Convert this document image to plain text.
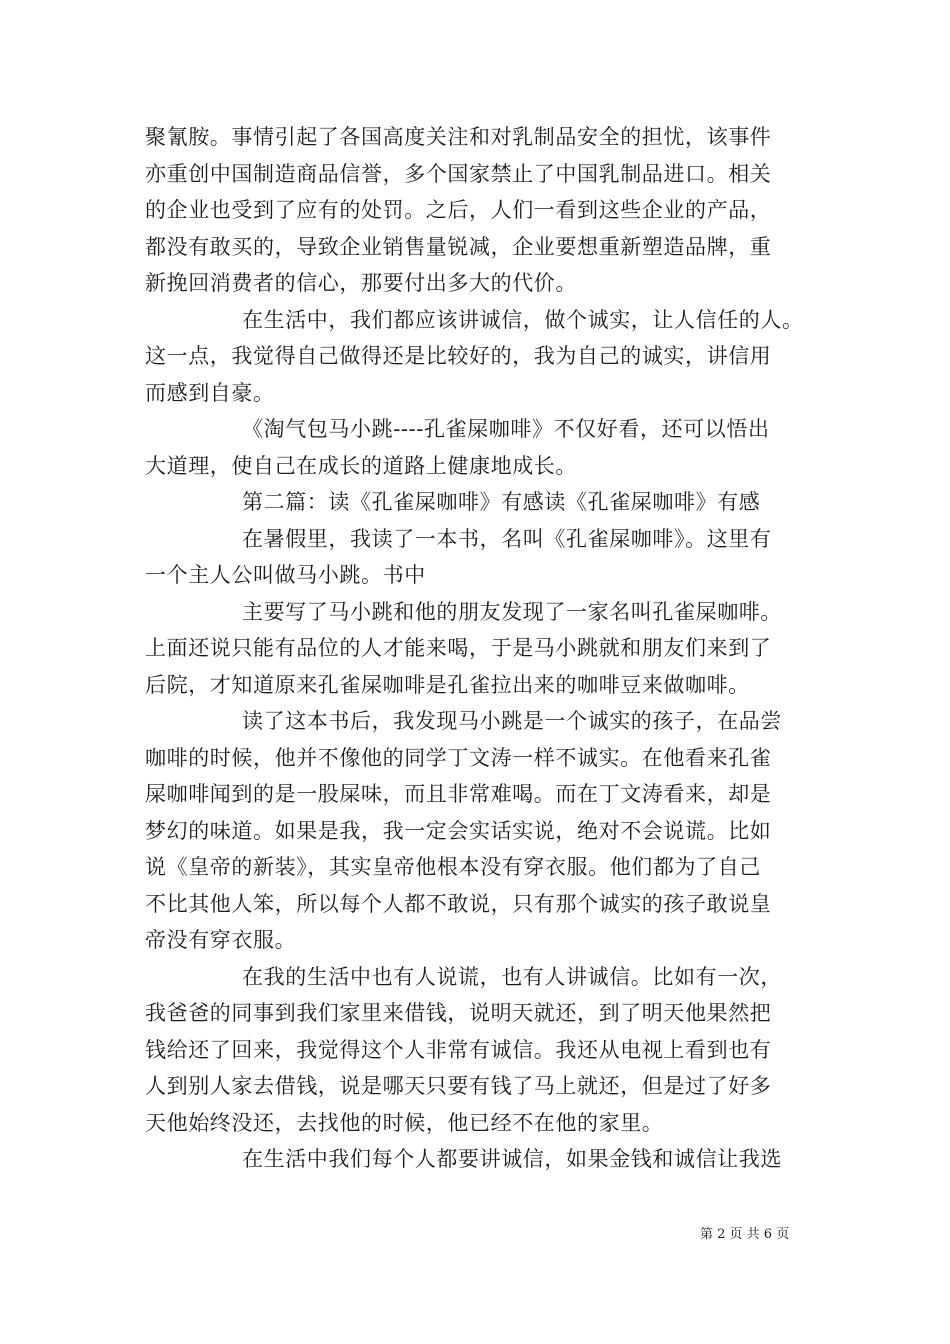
聚氰胺。事情引起了各国高度关注和对乳制品安全的担忧，该事件
亦重创中国制造商品信誉，多个国家禁止了中国乳制品进口。相关
的企业也受到了应有的处罚。之后，人们一看到这些企业的产品，
都没有敢买的，导致企业销售量锐减，企业要想重新塑造品牌，重
新挽回消费者的信心，那要付出多大的代价。
在生活中，我们都应该讲诚信，做个诚实，让人信任的人。
这一点，我觉得自己做得还是比较好的，我为自己的诚实，讲信用
而感到自豪。
《淘气包马小跳----孔雀屎咖啡》不仅好看，还可以悟出
大道理，使自己在成长的道路上健康地成长。
第二篇：读《孔雀屎咖啡》有感读《孔雀屎咖啡》有感
在暑假里，我读了一本书，名叫《孔雀屎咖啡》。这里有
一个主人公叫做马小跳。书中
主要写了马小跳和他的朋友发现了一家名叫孔雀屎咖啡。
上面还说只能有品位的人才能来喝，于是马小跳就和朋友们来到了
后院，才知道原来孔雀屎咖啡是孔雀拉出来的咖啡豆来做咖啡。
读了这本书后，我发现马小跳是一个诚实的孩子，在品尝
咖啡的时候，他并不像他的同学丁文涛一样不诚实。在他看来孔雀
屎咖啡闻到的是一股屎味，而且非常难喝。而在丁文涛看来，却是
梦幻的味道。如果是我，我一定会实话实说，绝对不会说谎。比如
说《皇帝的新装》，其实皇帝他根本没有穿衣服。他们都为了自己
不比其他人笨，所以每个人都不敢说，只有那个诚实的孩子敢说皇
帝没有穿衣服。
在我的生活中也有人说谎，也有人讲诚信。比如有一次，
我爸爸的同事到我们家里来借钱，说明天就还，到了明天他果然把
钱给还了回来，我觉得这个人非常有诚信。我还从电视上看到也有
人到别人家去借钱，说是哪天只要有钱了马上就还，但是过了好多
天他始终没还，去找他的时候，他已经不在他的家里。
在生活中我们每个人都要讲诚信，如果金钱和诚信让我选
第 2 页 共 6 页
